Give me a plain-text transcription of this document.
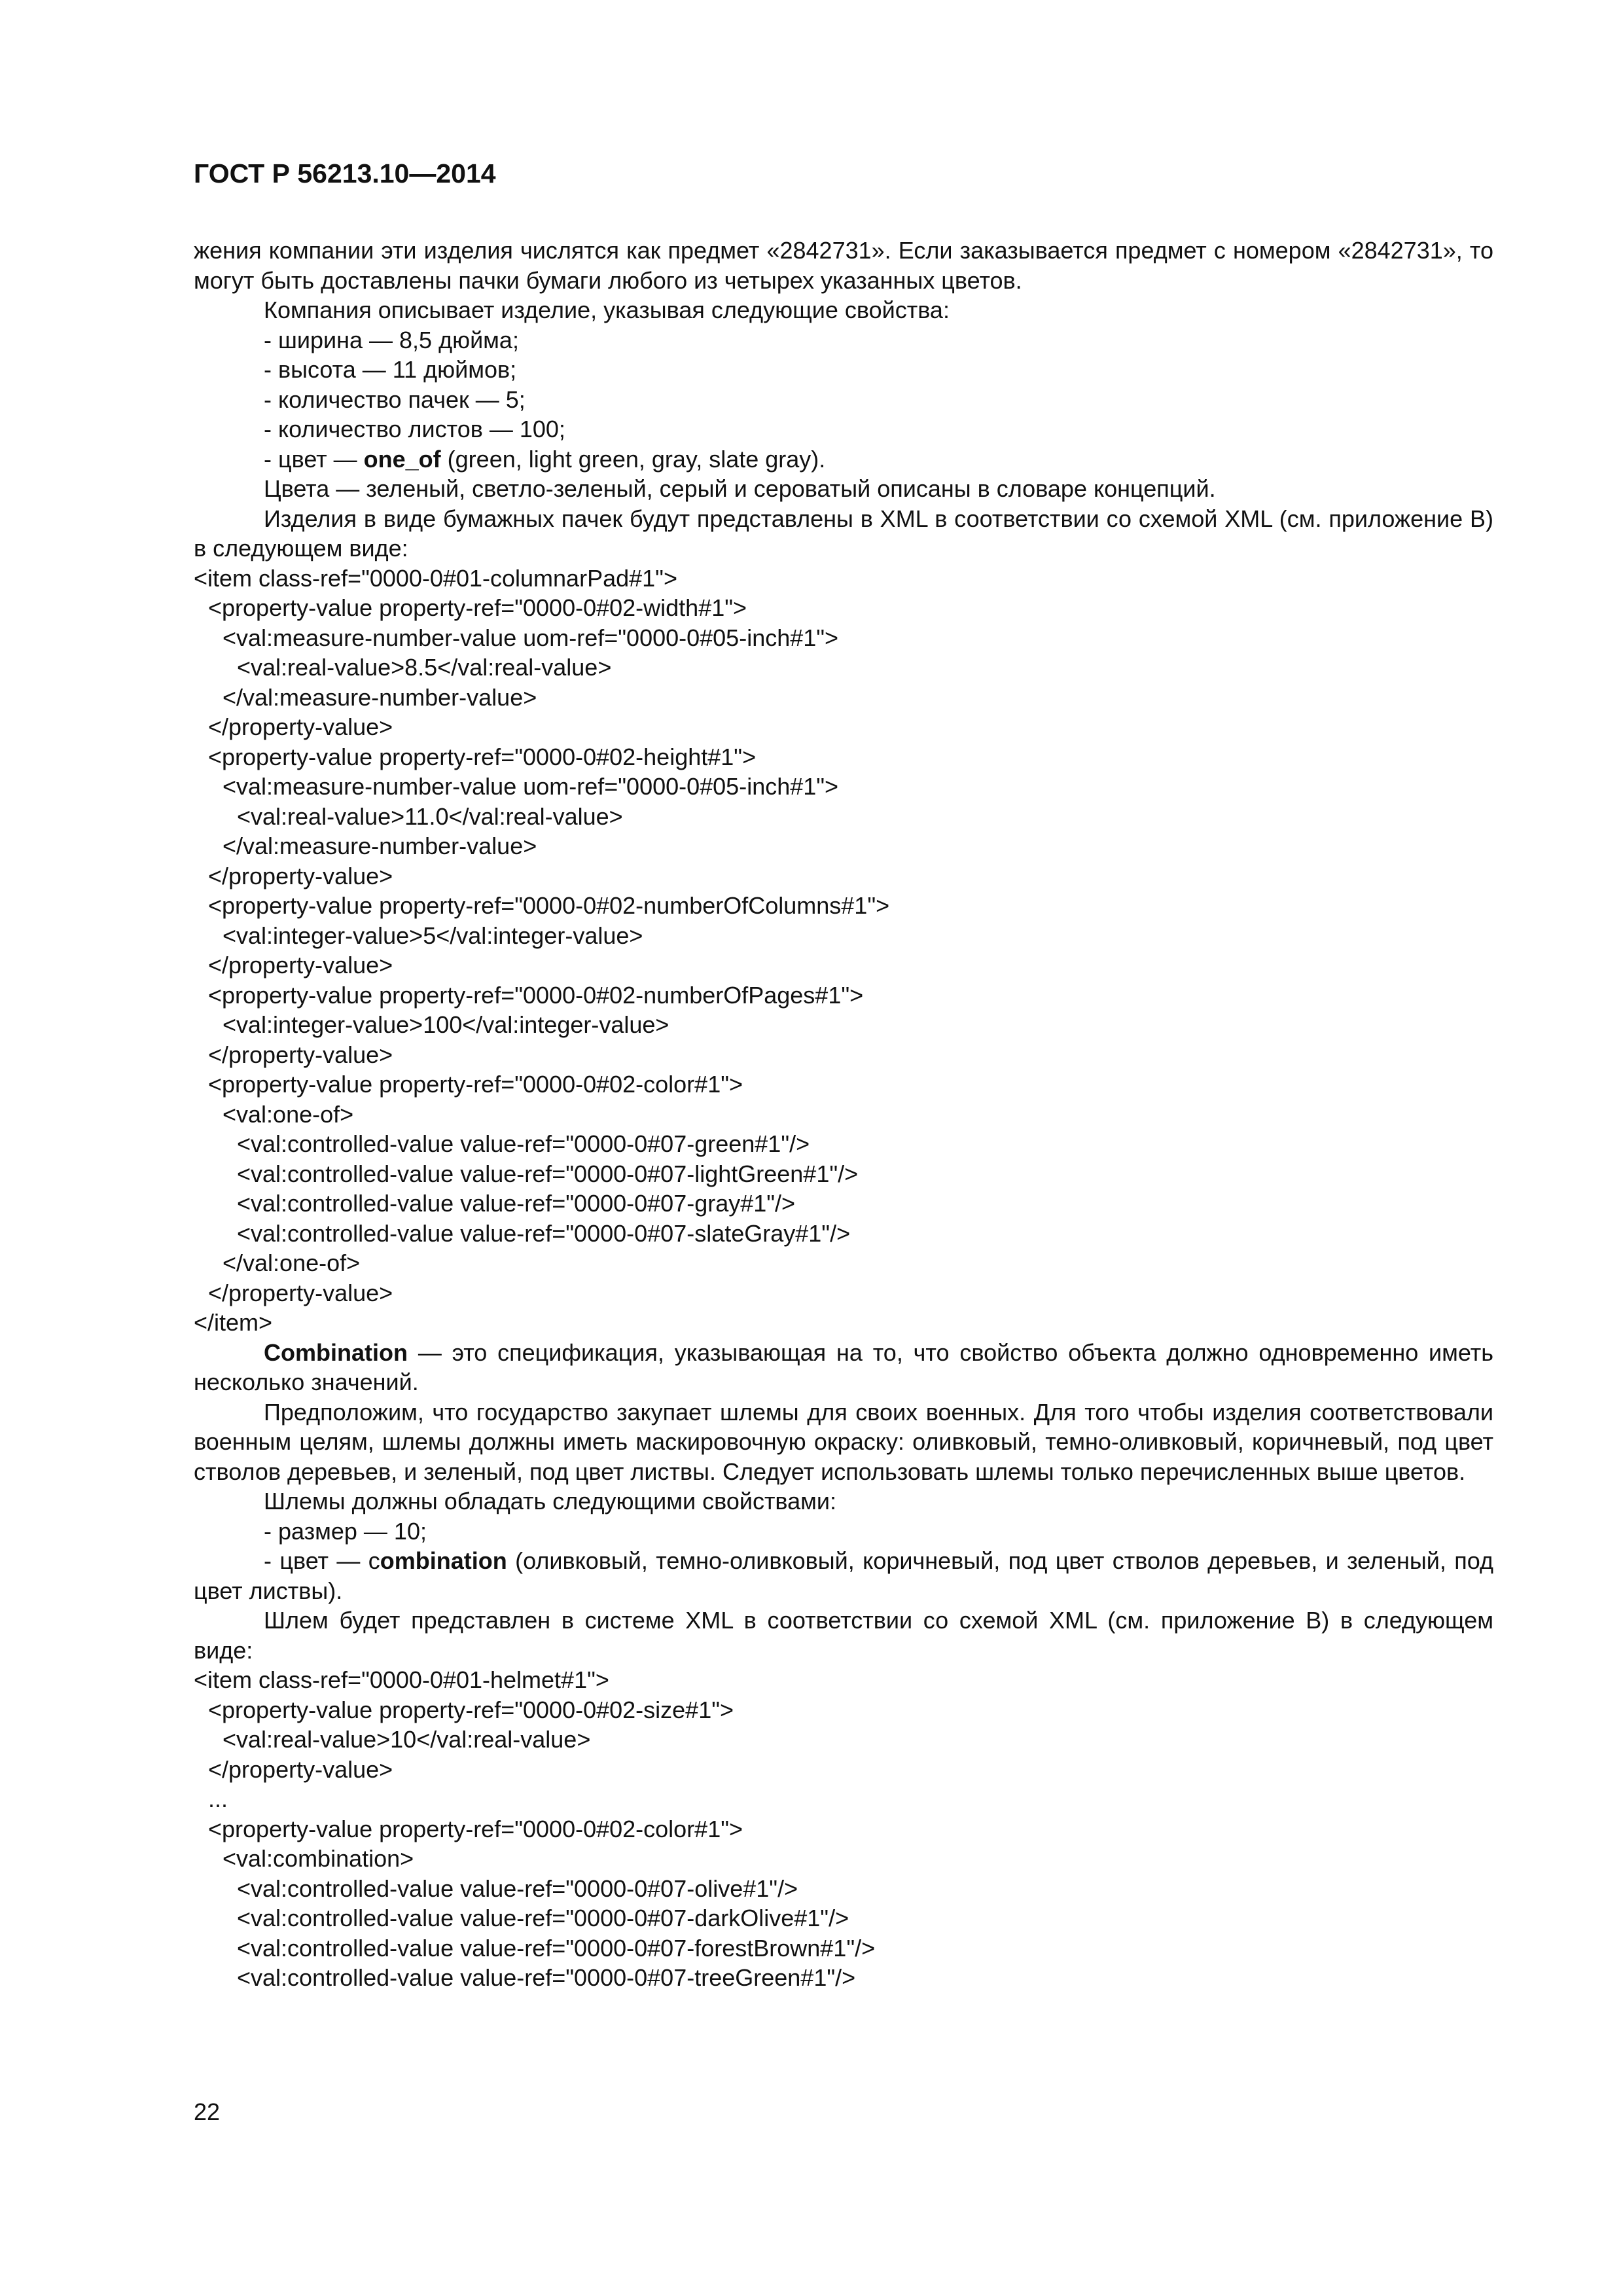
ГОСТ Р 56213.10—2014

жения компании эти изделия числятся как предмет «2842731». Если заказывается предмет с номером «2842731», то могут быть доставлены пачки бумаги любого из четырех указанных цветов.

Компания описывает изделие, указывая следующие свойства:

- ширина — 8,5 дюйма;

- высота — 11 дюймов;

- количество пачек — 5;

- количество листов — 100;

- цвет — one_of (green, light green, gray, slate gray).

Цвета — зеленый, светло-зеленый, серый и сероватый описаны в словаре концепций.

Изделия в виде бумажных пачек будут представлены в XML в соответствии со схемой XML (см. приложение В) в следующем виде:

<item class-ref="0000-0#01-columnarPad#1">
<property-value property-ref="0000-0#02-width#1">
<val:measure-number-value uom-ref="0000-0#05-inch#1">
<val:real-value>8.5</val:real-value>
</val:measure-number-value>
</property-value>
<property-value property-ref="0000-0#02-height#1">
<val:measure-number-value uom-ref="0000-0#05-inch#1">
<val:real-value>11.0</val:real-value>
</val:measure-number-value>
</property-value>
<property-value property-ref="0000-0#02-numberOfColumns#1">
<val:integer-value>5</val:integer-value>
</property-value>
<property-value property-ref="0000-0#02-numberOfPages#1">
<val:integer-value>100</val:integer-value>
</property-value>
<property-value property-ref="0000-0#02-color#1">
<val:one-of>
<val:controlled-value value-ref="0000-0#07-green#1"/>
<val:controlled-value value-ref="0000-0#07-lightGreen#1"/>
<val:controlled-value value-ref="0000-0#07-gray#1"/>
<val:controlled-value value-ref="0000-0#07-slateGray#1"/>
</val:one-of>
</property-value>
</item>

Combination — это спецификация, указывающая на то, что свойство объекта должно одновременно иметь несколько значений.

Предположим, что государство закупает шлемы для своих военных. Для того чтобы изделия соответствовали военным целям, шлемы должны иметь маскировочную окраску: оливковый, темно-оливковый, коричневый, под цвет стволов деревьев, и зеленый, под цвет листвы. Следует использовать шлемы только перечисленных выше цветов.

Шлемы должны обладать следующими свойствами:

- размер — 10;

- цвет — combination (оливковый, темно-оливковый, коричневый, под цвет стволов деревьев, и зеленый, под цвет листвы).

Шлем будет представлен в системе XML в соответствии со схемой XML (см. приложение В) в следующем виде:

<item class-ref="0000-0#01-helmet#1">
<property-value property-ref="0000-0#02-size#1">
<val:real-value>10</val:real-value>
</property-value>
...
<property-value property-ref="0000-0#02-color#1">
<val:combination>
<val:controlled-value value-ref="0000-0#07-olive#1"/>
<val:controlled-value value-ref="0000-0#07-darkOlive#1"/>
<val:controlled-value value-ref="0000-0#07-forestBrown#1"/>
<val:controlled-value value-ref="0000-0#07-treeGreen#1"/>
22
